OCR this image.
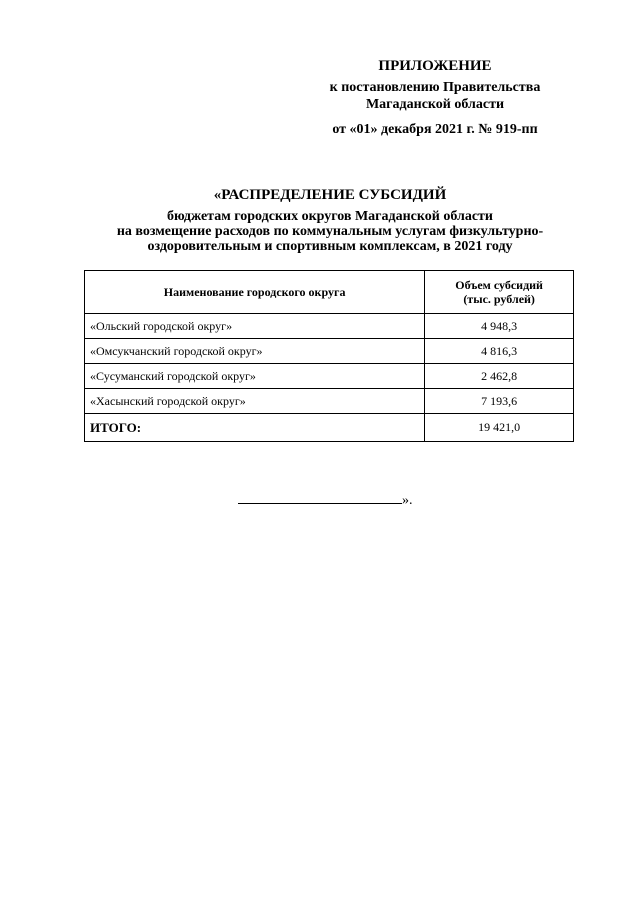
ПРИЛОЖЕНИЕ
к постановлению Правительства
Магаданской области
от «01» декабря 2021 г. № 919-пп
«РАСПРЕДЕЛЕНИЕ СУБСИДИЙ
бюджетам городских округов Магаданской области
на возмещение расходов по коммунальным услугам физкультурно-
оздоровительным и спортивным комплексам, в 2021 году
Наименование городского округа	Объем субсидий
(тыс. рублей)

«Ольский городской округ»	4 948,3
«Омсукчанский городской округ»	4 816,3
«Сусуманский городской округ»	2 462,8
«Хасынский городской округ»	7 193,6
ИТОГО:	19 421,0
».
